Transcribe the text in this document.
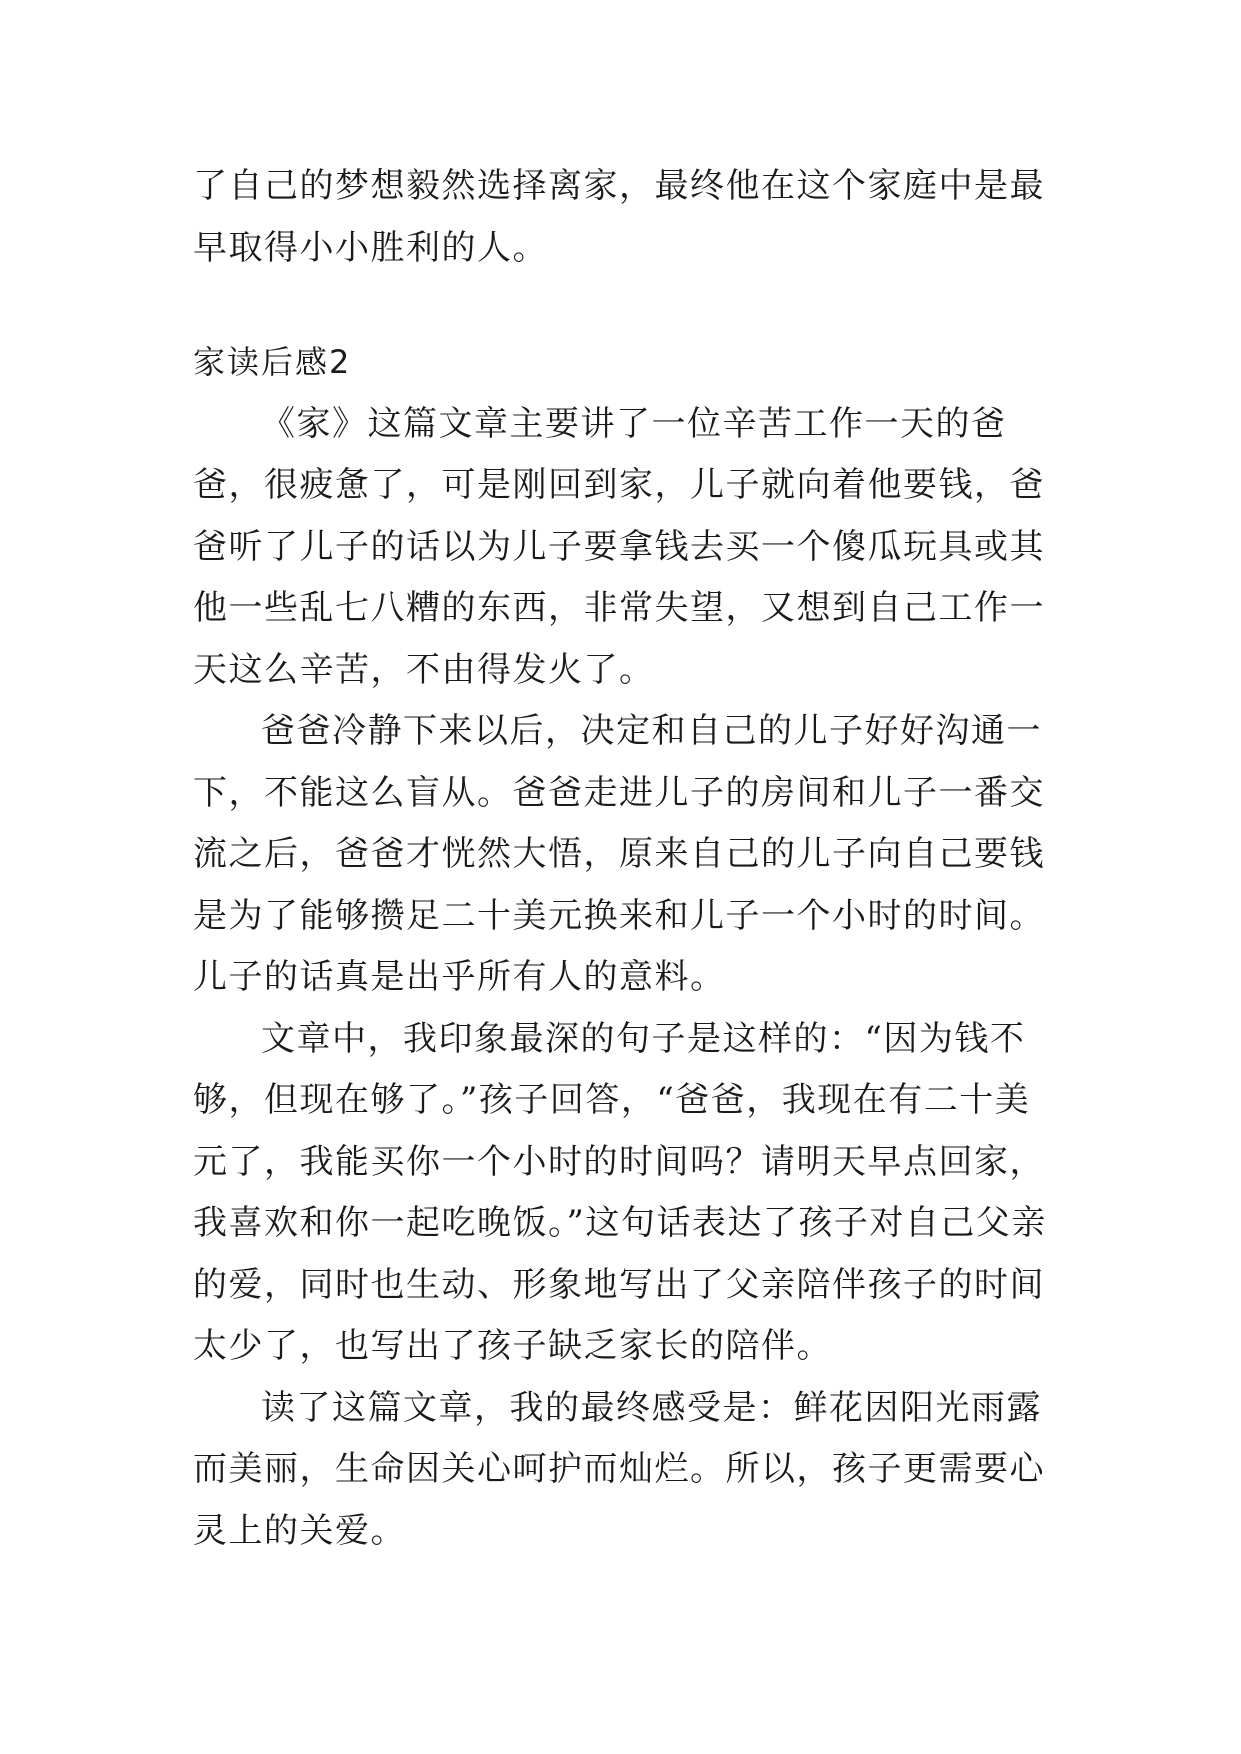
了自己的梦想毅然选择离家，最终他在这个家庭中是最早取得小小胜利的人。

家读后感2

《家》这篇文章主要讲了一位辛苦工作一天的爸爸，很疲惫了，可是刚回到家，儿子就向着他要钱，爸爸听了儿子的话以为儿子要拿钱去买一个傻瓜玩具或其他一些乱七八糟的东西，非常失望，又想到自己工作一天这么辛苦，不由得发火了。

爸爸冷静下来以后，决定和自己的儿子好好沟通一下，不能这么盲从。爸爸走进儿子的房间和儿子一番交流之后，爸爸才恍然大悟，原来自己的儿子向自己要钱是为了能够攒足二十美元换来和儿子一个小时的时间。儿子的话真是出乎所有人的意料。

文章中，我印象最深的句子是这样的：“因为钱不够，但现在够了。”孩子回答，“爸爸，我现在有二十美元了，我能买你一个小时的时间吗？请明天早点回家，我喜欢和你一起吃晚饭。”这句话表达了孩子对自己父亲的爱，同时也生动、形象地写出了父亲陪伴孩子的时间太少了，也写出了孩子缺乏家长的陪伴。

读了这篇文章，我的最终感受是：鲜花因阳光雨露而美丽，生命因关心呵护而灿烂。所以，孩子更需要心灵上的关爱。
